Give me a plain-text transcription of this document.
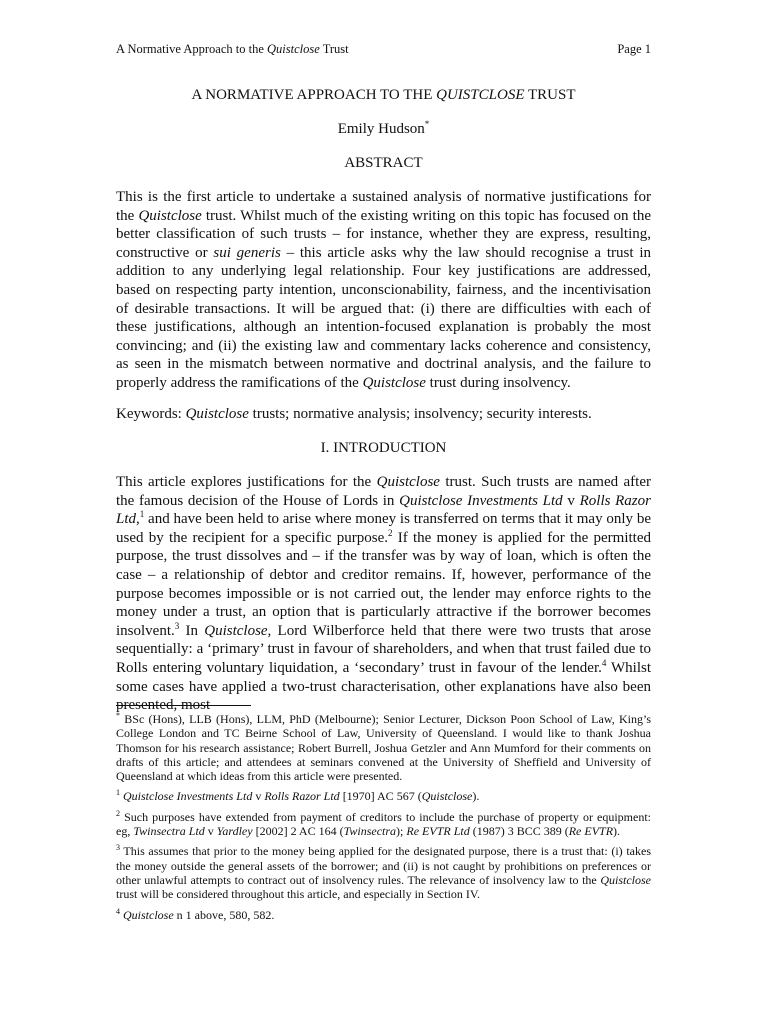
A Normative Approach to the Quistclose Trust	Page 1
A NORMATIVE APPROACH TO THE QUISTCLOSE TRUST
Emily Hudson*
ABSTRACT
This is the first article to undertake a sustained analysis of normative justifications for the Quistclose trust. Whilst much of the existing writing on this topic has focused on the better classification of such trusts – for instance, whether they are express, resulting, constructive or sui generis – this article asks why the law should recognise a trust in addition to any underlying legal relationship. Four key justifications are addressed, based on respecting party intention, unconscionability, fairness, and the incentivisation of desirable transactions. It will be argued that: (i) there are difficulties with each of these justifications, although an intention-focused explanation is probably the most convincing; and (ii) the existing law and commentary lacks coherence and consistency, as seen in the mismatch between normative and doctrinal analysis, and the failure to properly address the ramifications of the Quistclose trust during insolvency.
Keywords: Quistclose trusts; normative analysis; insolvency; security interests.
I. INTRODUCTION
This article explores justifications for the Quistclose trust. Such trusts are named after the famous decision of the House of Lords in Quistclose Investments Ltd v Rolls Razor Ltd,$^1$ and have been held to arise where money is transferred on terms that it may only be used by the recipient for a specific purpose.$^2$ If the money is applied for the permitted purpose, the trust dissolves and – if the transfer was by way of loan, which is often the case – a relationship of debtor and creditor remains. If, however, performance of the purpose becomes impossible or is not carried out, the lender may enforce rights to the money under a trust, an option that is particularly attractive if the borrower becomes insolvent.$^3$ In Quistclose, Lord Wilberforce held that there were two trusts that arose sequentially: a ‘primary’ trust in favour of shareholders, and when that trust failed due to Rolls entering voluntary liquidation, a ‘secondary’ trust in favour of the lender.$^4$ Whilst some cases have applied a two-trust characterisation, other explanations have also been presented, most

* BSc (Hons), LLB (Hons), LLM, PhD (Melbourne); Senior Lecturer, Dickson Poon School of Law, King’s College London and TC Beirne School of Law, University of Queensland. I would like to thank Joshua Thomson for his research assistance; Robert Burrell, Joshua Getzler and Ann Mumford for their comments on drafts of this article; and attendees at seminars convened at the University of Sheffield and University of Queensland at which ideas from this article were presented.

$^1$ Quistclose Investments Ltd v Rolls Razor Ltd [1970] AC 567 (Quistclose).

$^2$ Such purposes have extended from payment of creditors to include the purchase of property or equipment: eg, Twinsectra Ltd v Yardley [2002] 2 AC 164 (Twinsectra); Re EVTR Ltd (1987) 3 BCC 389 (Re EVTR).

$^3$ This assumes that prior to the money being applied for the designated purpose, there is a trust that: (i) takes the money outside the general assets of the borrower; and (ii) is not caught by prohibitions on preferences or other unlawful attempts to contract out of insolvency rules. The relevance of insolvency law to the Quistclose trust will be considered throughout this article, and especially in Section IV.

$^4$ Quistclose n 1 above, 580, 582.
